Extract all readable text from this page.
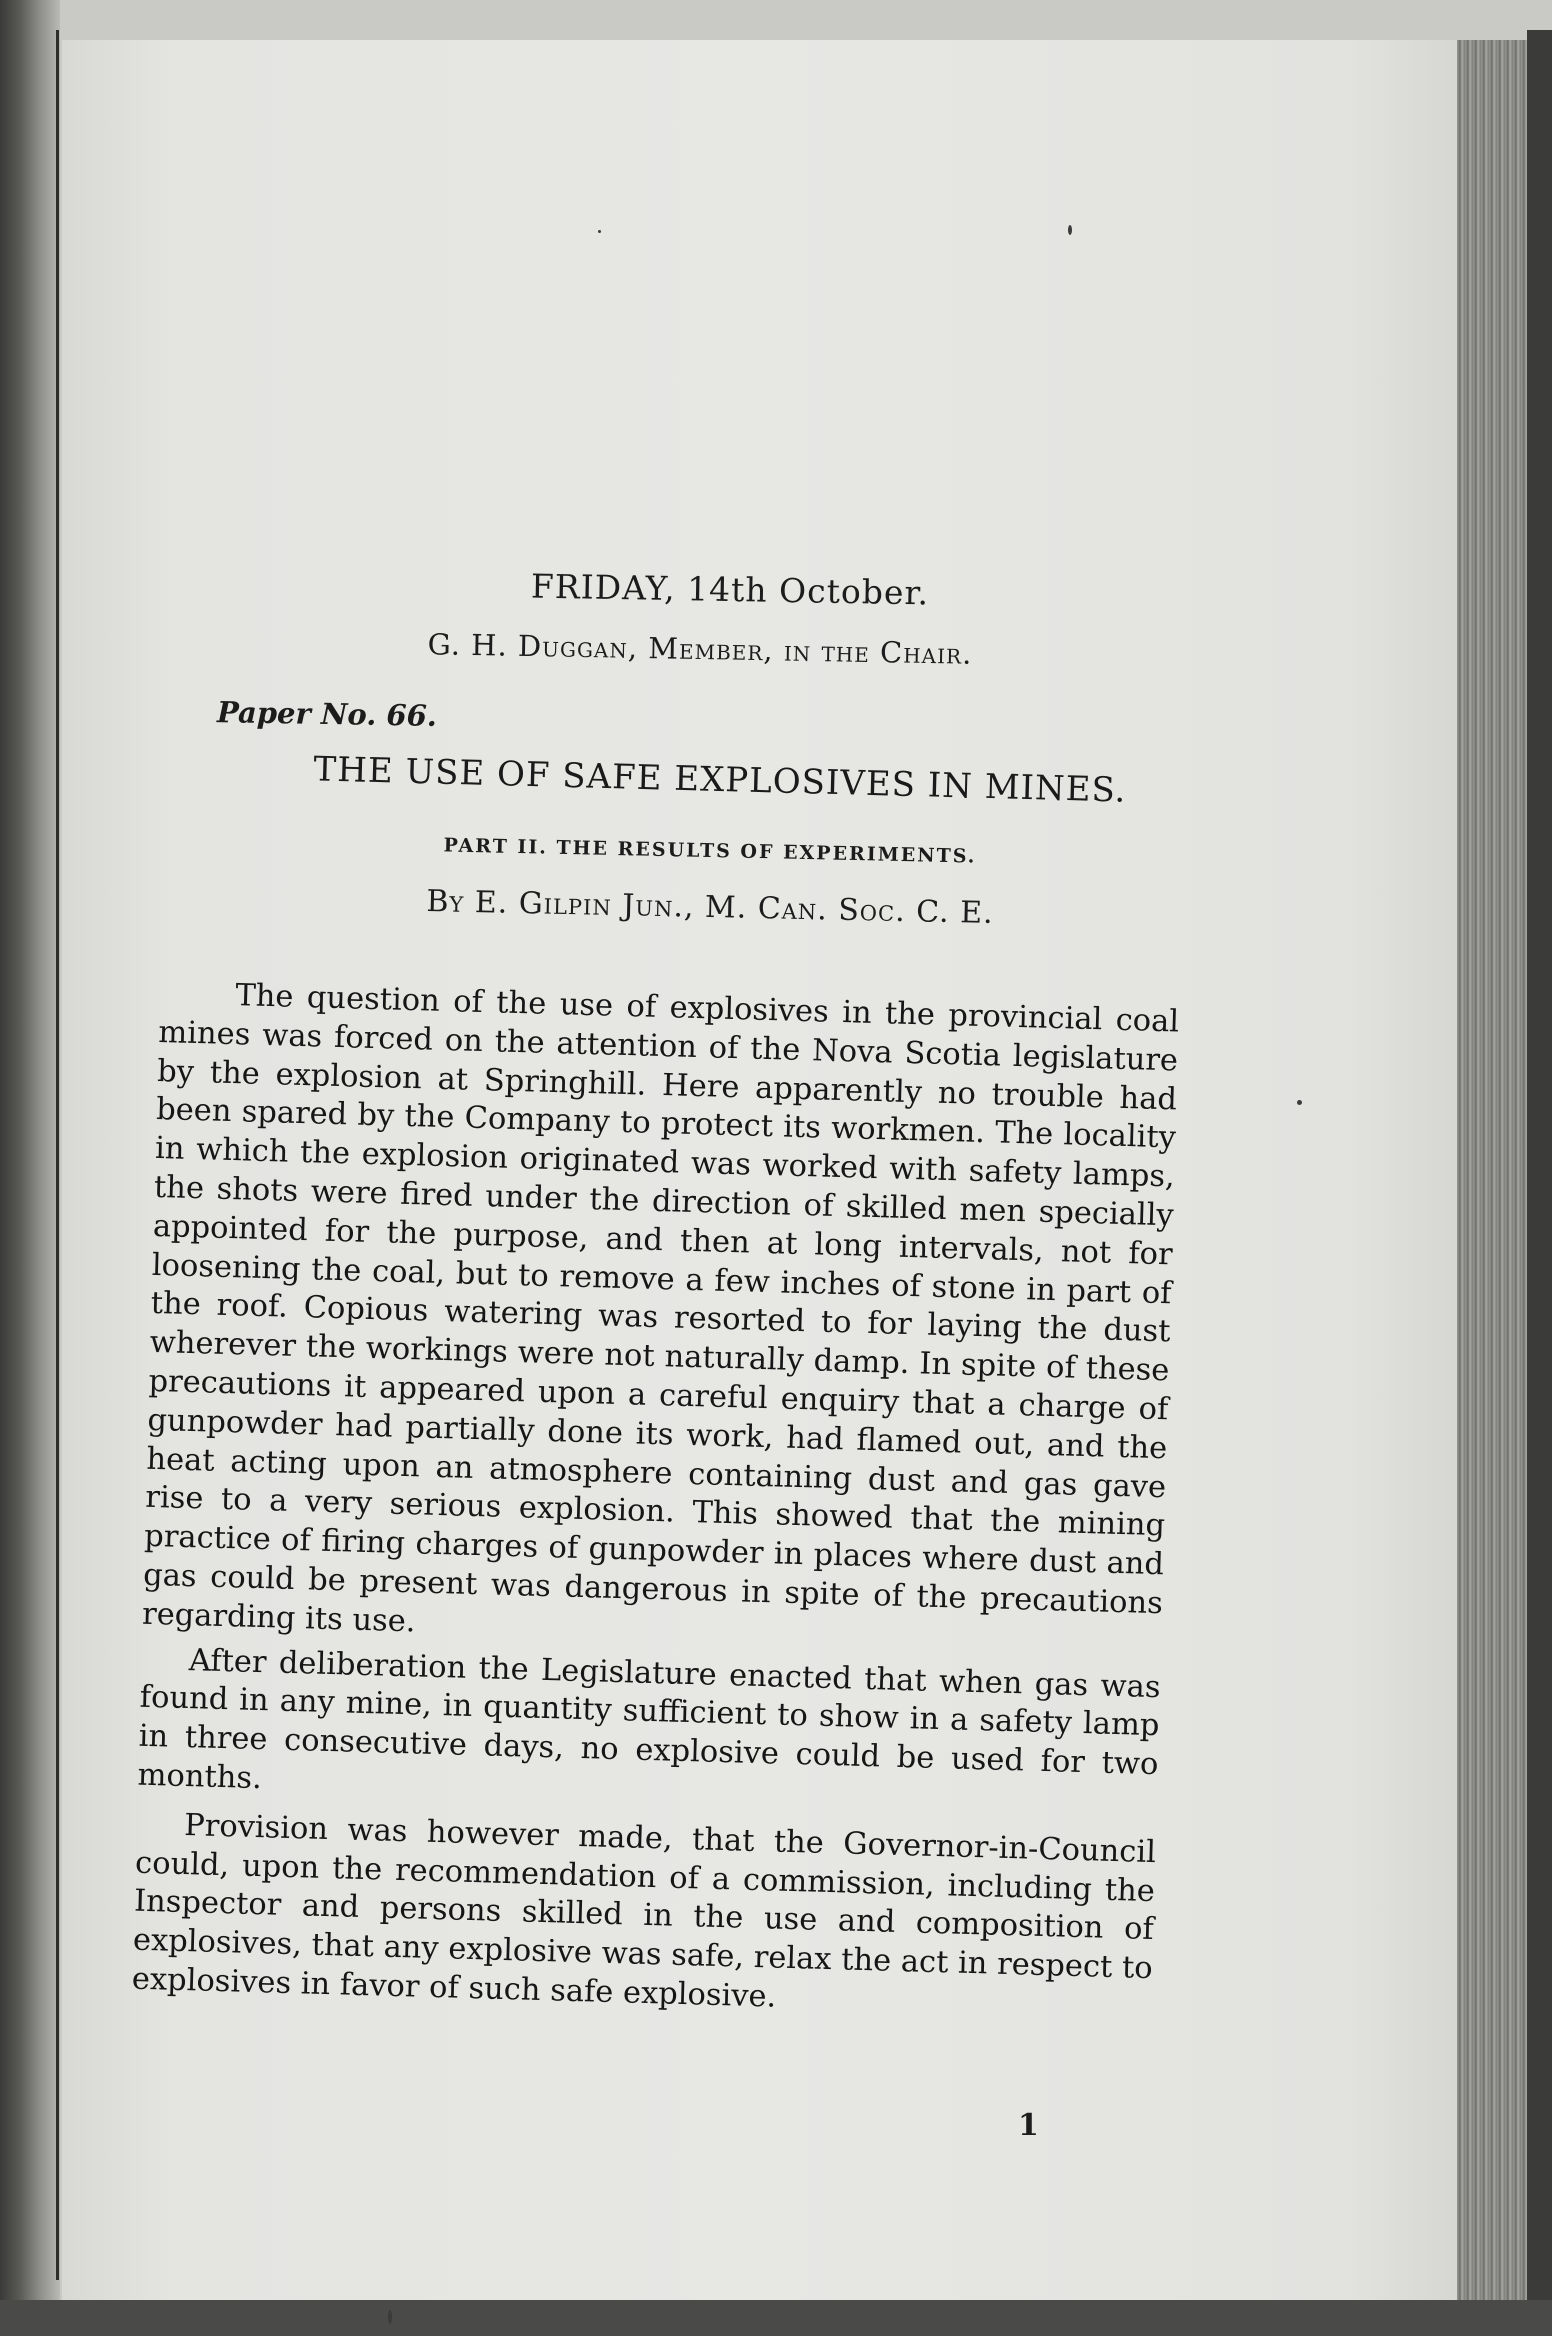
FRIDAY, 14th October.
G. H. Duggan, Member, in the Chair.
Paper No. 66.
THE USE OF SAFE EXPLOSIVES IN MINES.
PART II. THE RESULTS OF EXPERIMENTS.
By E. Gilpin Jun., M. Can. Soc. C. E.

The question of the use of explosives in the provincial coal mines was forced on the attention of the Nova Scotia legislature by the explosion at Springhill. Here apparently no trouble had been spared by the Company to protect its workmen. The locality in which the explosion originated was worked with safety lamps, the shots were fired under the direction of skilled men specially appointed for the purpose, and then at long intervals, not for loosening the coal, but to remove a few inches of stone in part of the roof. Copious watering was resorted to for laying the dust wherever the workings were not naturally damp. In spite of these precautions it appeared upon a careful enquiry that a charge of gunpowder had partially done its work, had flamed out, and the heat acting upon an atmosphere containing dust and gas gave rise to a very serious explosion. This showed that the mining practice of firing charges of gunpowder in places where dust and gas could be present was dangerous in spite of the precautions regarding its use.

After deliberation the Legislature enacted that when gas was found in any mine, in quantity sufficient to show in a safety lamp in three consecutive days, no explosive could be used for two months.

Provision was however made, that the Governor-in-Council could, upon the recommendation of a commission, including the Inspector and persons skilled in the use and composition of explosives, that any explosive was safe, relax the act in respect to explosives in favor of such safe explosive.

1
